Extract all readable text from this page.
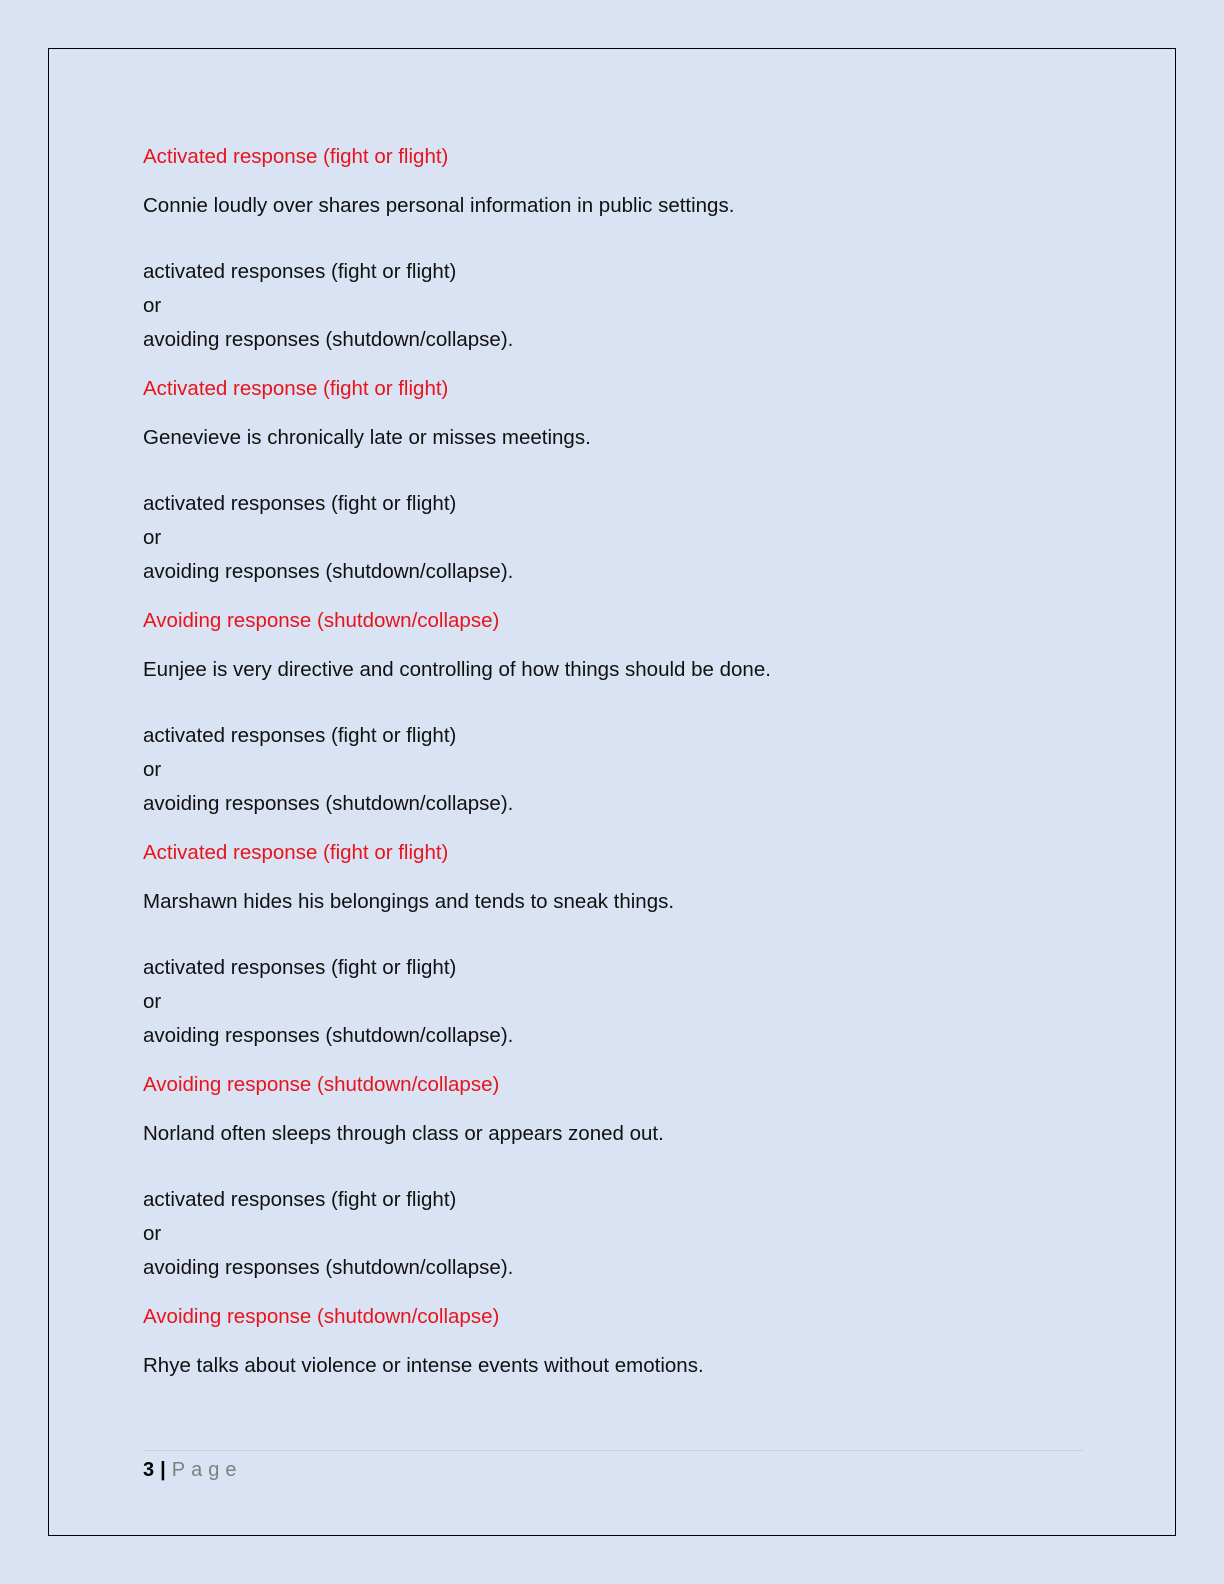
Activated response (fight or flight)
Connie loudly over shares personal information in public settings.
activated responses (fight or flight)
or
avoiding responses (shutdown/collapse).
Activated response (fight or flight)
Genevieve is chronically late or misses meetings.
activated responses (fight or flight)
or
avoiding responses (shutdown/collapse).
Avoiding response (shutdown/collapse)
Eunjee is very directive and controlling of how things should be done.
activated responses (fight or flight)
or
avoiding responses (shutdown/collapse).
Activated response (fight or flight)
Marshawn hides his belongings and tends to sneak things.
activated responses (fight or flight)
or
avoiding responses (shutdown/collapse).
Avoiding response (shutdown/collapse)
Norland often sleeps through class or appears zoned out.
activated responses (fight or flight)
or
avoiding responses (shutdown/collapse).
Avoiding response (shutdown/collapse)
Rhye talks about violence or intense events without emotions.
3 | Page
